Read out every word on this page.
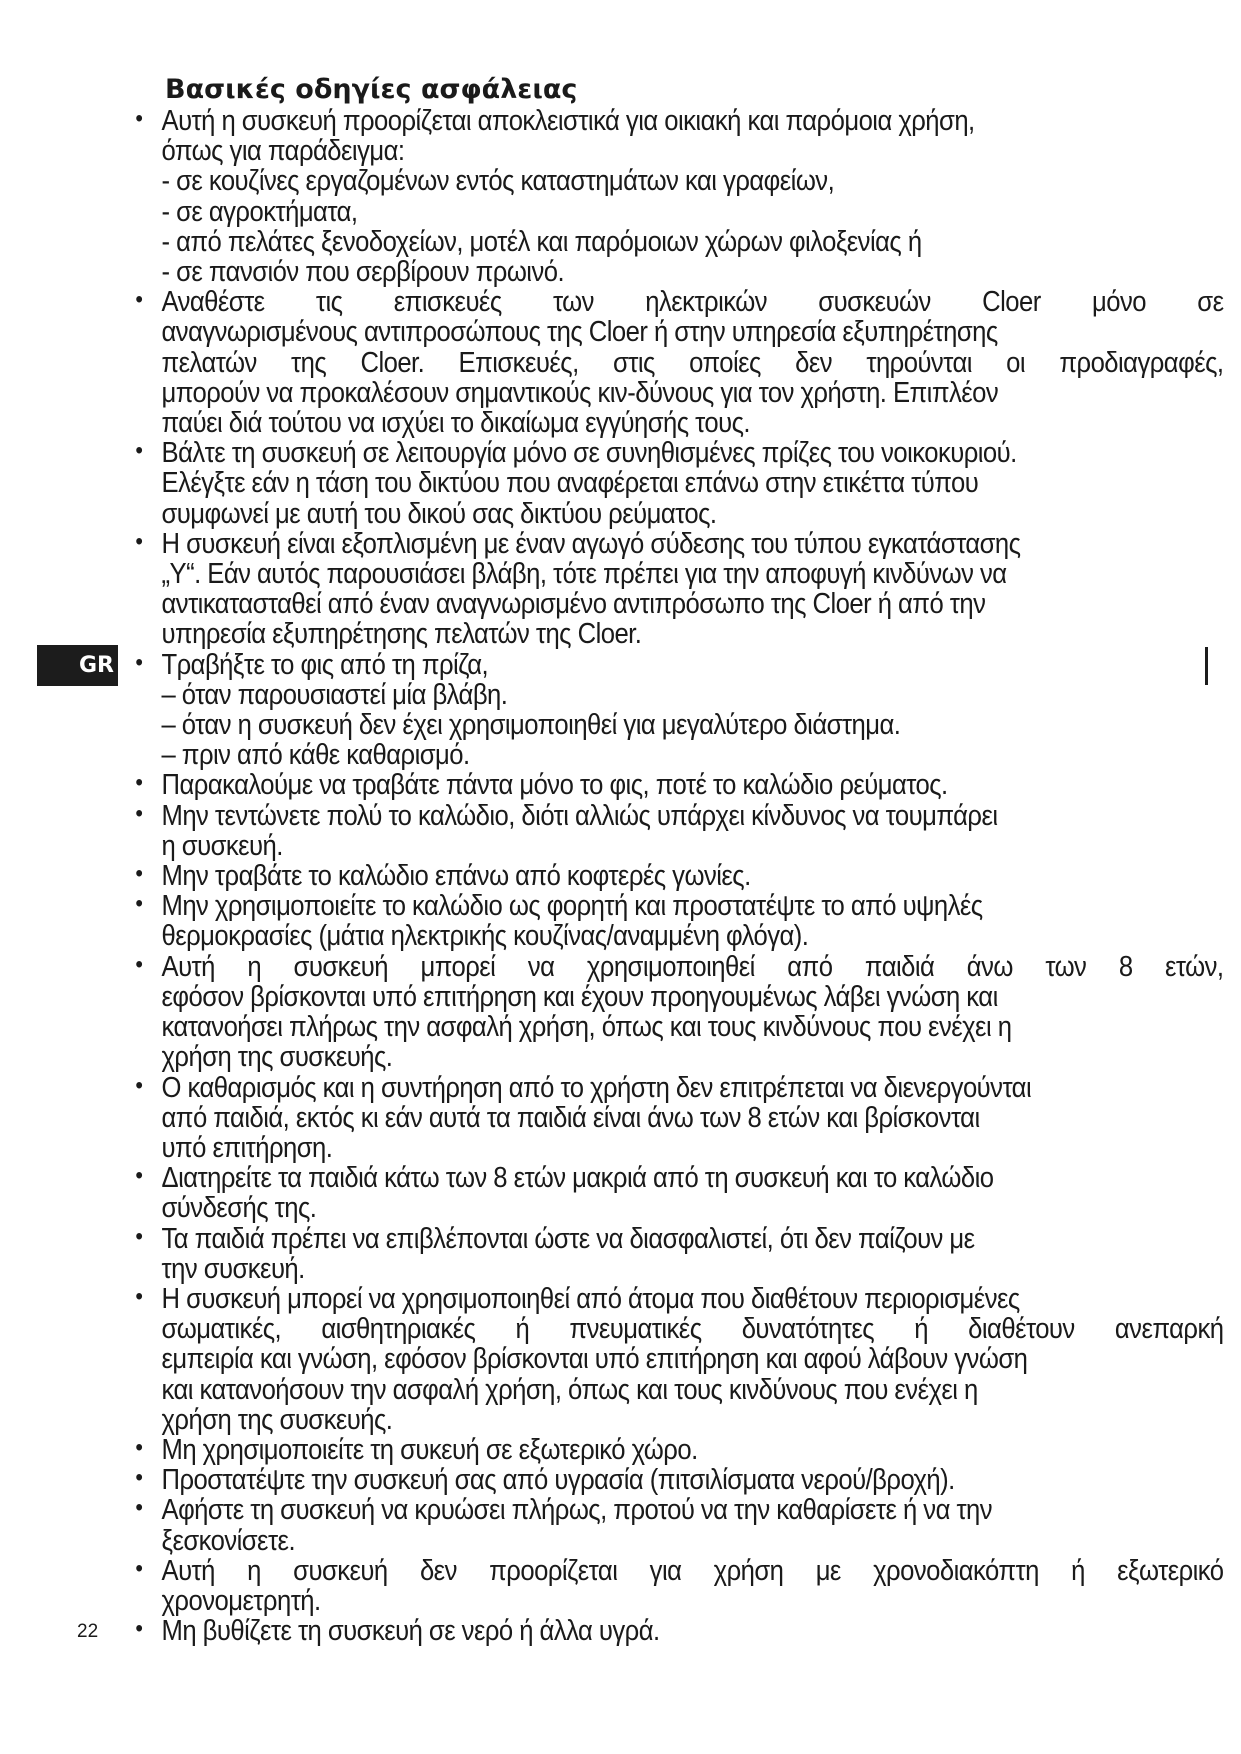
Βασικές οδηγίες ασφάλειας
• Αυτή η συσκευή προορίζεται αποκλειστικά για οικιακή και παρόμοια χρήση,
όπως για παράδειγμα:
- σε κουζίνες εργαζομένων εντός καταστημάτων και γραφείων,
- σε αγροκτήματα,
- από πελάτες ξενοδοχείων, μοτέλ και παρόμοιων χώρων φιλοξενίας ή
- σε πανσιόν που σερβίρουν πρωινό.
• Αναθέστε τις επισκευές των ηλεκτρικών συσκευών Cloer μόνο σε
αναγνωρισμένους αντιπροσώπους της Cloer ή στην υπηρεσία εξυπηρέτησης
πελατών της Cloer. Επισκευές, στις οποίες δεν τηρούνται οι προδιαγραφές,
μπορούν να προκαλέσουν σημαντικούς κιν-δύνους για τον χρήστη. Επιπλέον
παύει διά τούτου να ισχύει το δικαίωμα εγγύησής τους.
• Βάλτε τη συσκευή σε λειτουργία μόνο σε συνηθισμένες πρίζες του νοικοκυριού.
Ελέγξτε εάν η τάση του δικτύου που αναφέρεται επάνω στην ετικέττα τύπου
συμφωνεί με αυτή του δικού σας δικτύου ρεύματος.
• Η συσκευή είναι εξοπλισμένη με έναν αγωγό σύδεσης του τύπου εγκατάστασης
„Y“. Εάν αυτός παρουσιάσει βλάβη, τότε πρέπει για την αποφυγή κινδύνων να
αντικατασταθεί από έναν αναγνωρισμένο αντιπρόσωπο της Cloer ή από την
υπηρεσία εξυπηρέτησης πελατών της Cloer.
• Τραβήξτε το φις από τη πρίζα,
– όταν παρουσιαστεί μία βλάβη.
– όταν η συσκευή δεν έχει χρησιμοποιηθεί για μεγαλύτερο διάστημα.
– πριν από κάθε καθαρισμό.
• Παρακαλούμε να τραβάτε πάντα μόνο το φις, ποτέ το καλώδιο ρεύματος.
• Μην τεντώνετε πολύ το καλώδιο, διότι αλλιώς υπάρχει κίνδυνος να τουμπάρει
η συσκευή.
• Μην τραβάτε το καλώδιο επάνω από κοφτερές γωνίες.
• Μην χρησιμοποιείτε το καλώδιο ως φορητή και προστατέψτε το από υψηλές
θερμοκρασίες (μάτια ηλεκτρικής κουζίνας/αναμμένη φλόγα).
• Αυτή η συσκευή μπορεί να χρησιμοποιηθεί από παιδιά άνω των 8 ετών,
εφόσον βρίσκονται υπό επιτήρηση και έχουν προηγουμένως λάβει γνώση και
κατανοήσει πλήρως την ασφαλή χρήση, όπως και τους κινδύνους που ενέχει η
χρήση της συσκευής.
• Ο καθαρισμός και η συντήρηση από το χρήστη δεν επιτρέπεται να διενεργούνται
από παιδιά, εκτός κι εάν αυτά τα παιδιά είναι άνω των 8 ετών και βρίσκονται
υπό επιτήρηση.
• Διατηρείτε τα παιδιά κάτω των 8 ετών μακριά από τη συσκευή και το καλώδιο
σύνδεσής της.
• Τα παιδιά πρέπει να επιβλέπονται ώστε να διασφαλιστεί, ότι δεν παίζουν με
την συσκευή.
• Η συσκευή μπορεί να χρησιμοποιηθεί από άτομα που διαθέτουν περιορισμένες
σωματικές, αισθητηριακές ή πνευματικές δυνατότητες ή διαθέτουν ανεπαρκή
εμπειρία και γνώση, εφόσον βρίσκονται υπό επιτήρηση και αφού λάβουν γνώση
και κατανοήσουν την ασφαλή χρήση, όπως και τους κινδύνους που ενέχει η
χρήση της συσκευής.
• Μη χρησιμοποιείτε τη συκευή σε εξωτερικό χώρο.
• Προστατέψτε την συσκευή σας από υγρασία (πιτσιλίσματα νερού/βροχή).
• Αφήστε τη συσκευή να κρυώσει πλήρως, προτού να την καθαρίσετε ή να την
ξεσκονίσετε.
• Αυτή η συσκευή δεν προορίζεται για χρήση με χρονοδιακόπτη ή εξωτερικό
χρονομετρητή.
• Μη βυθίζετε τη συσκευή σε νερό ή άλλα υγρά.
GR
22
